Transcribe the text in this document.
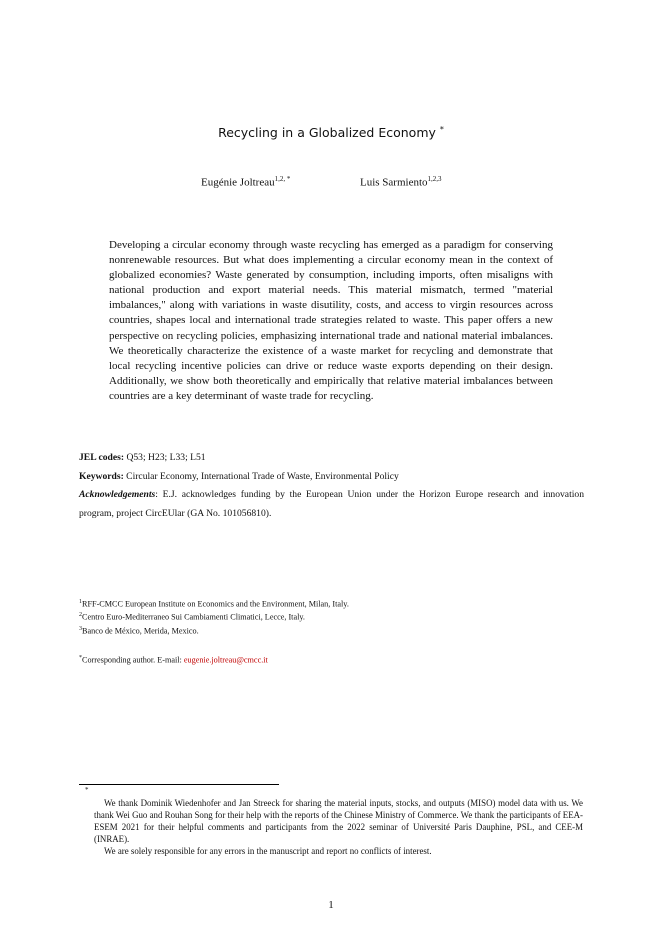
Recycling in a Globalized Economy *
Eugénie Joltreau$^{1,2, *}$	Luis Sarmiento$^{1,2,3}$
Developing a circular economy through waste recycling has emerged as a paradigm for conserving nonrenewable resources. But what does implementing a circular economy mean in the context of globalized economies? Waste generated by consumption, including imports, often misaligns with national production and export material needs. This material mismatch, termed "material imbalances," along with variations in waste disutility, costs, and access to virgin resources across countries, shapes local and international trade strategies related to waste. This paper offers a new perspective on recycling policies, emphasizing international trade and national material imbalances. We theoretically characterize the existence of a waste market for recycling and demonstrate that local recycling incentive policies can drive or reduce waste exports depending on their design. Additionally, we show both theoretically and empirically that relative material imbalances between countries are a key determinant of waste trade for recycling.
JEL codes: Q53; H23; L33; L51
Keywords: Circular Economy, International Trade of Waste, Environmental Policy
Acknowledgements: E.J. acknowledges funding by the European Union under the Horizon Europe research and innovation program, project CircEUlar (GA No. 101056810).
$^1$RFF-CMCC European Institute on Economics and the Environment, Milan, Italy.
$^2$Centro Euro-Mediterraneo Sui Cambiamenti Climatici, Lecce, Italy.
$^3$Banco de México, Merida, Mexico.
*Corresponding author. E-mail: eugenie.joltreau@cmcc.it
*

We thank Dominik Wiedenhofer and Jan Streeck for sharing the material inputs, stocks, and outputs (MISO) model data with us. We thank Wei Guo and Rouhan Song for their help with the reports of the Chinese Ministry of Commerce. We thank the participants of EEA-ESEM 2021 for their helpful comments and participants from the 2022 seminar of Université Paris Dauphine, PSL, and CEE-M (INRAE).

We are solely responsible for any errors in the manuscript and report no conflicts of interest.

1
